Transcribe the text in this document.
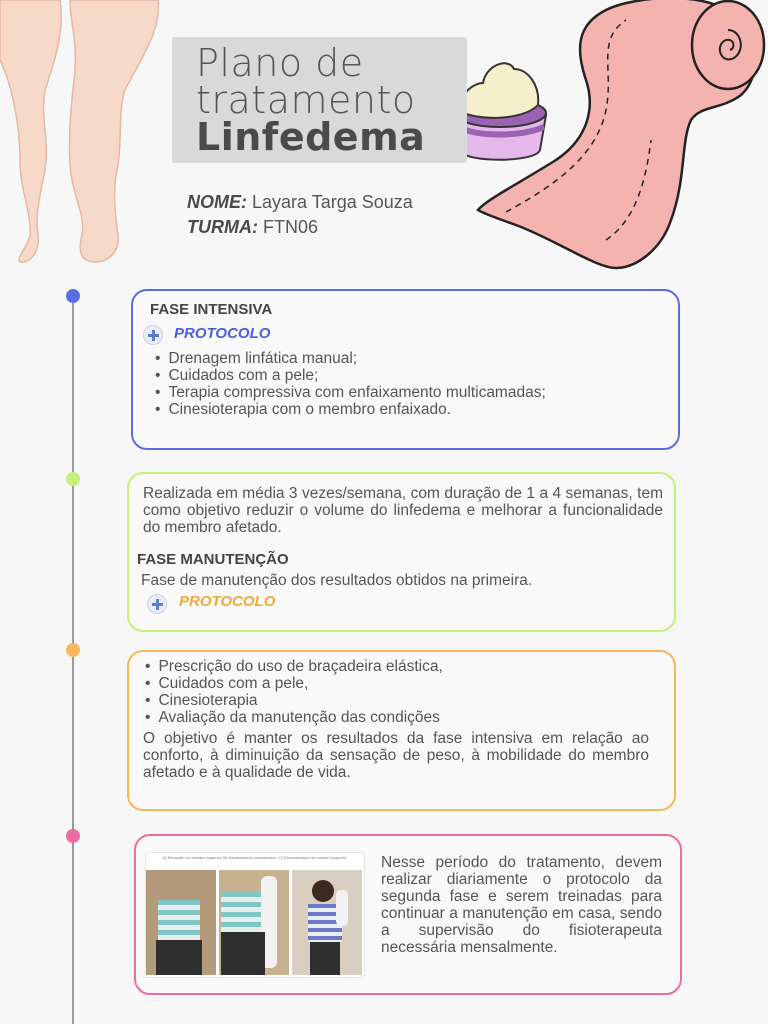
Plano de
tratamento
Linfedema
NOME: Layara Targa Souza
TURMA: FTN06
FASE INTENSIVA
PROTOCOLO
• Drenagem linfática manual;
• Cuidados com a pele;
• Terapia compressiva com enfaixamento multicamadas;
• Cinesioterapia com o membro enfaixado.
Realizada em média 3 vezes/semana, com duração de 1 a 4 semanas, tem como objetivo reduzir o volume do linfedema e melhorar a funcionalidade do membro afetado.
FASE MANUTENÇÃO
Fase de manutenção dos resultados obtidos na primeira.
PROTOCOLO
• Prescrição do uso de braçadeira elástica,
• Cuidados com a pele,
• Cinesioterapia
• Avaliação da manutenção das condições
O objetivo é manter os resultados da fase intensiva em relação ao conforto, à diminuição da sensação de peso, à mobilidade do membro afetado e à qualidade de vida.
A) Elevação do membro superior. B) Enfaixamento compressivo. C) Cinesioterapia do membro superior.	Nesse período do tratamento, devem realizar diariamente o protocolo da segunda fase e serem treinadas para continuar a manutenção em casa, sendo a supervisão do fisioterapeuta necessária mensalmente.
